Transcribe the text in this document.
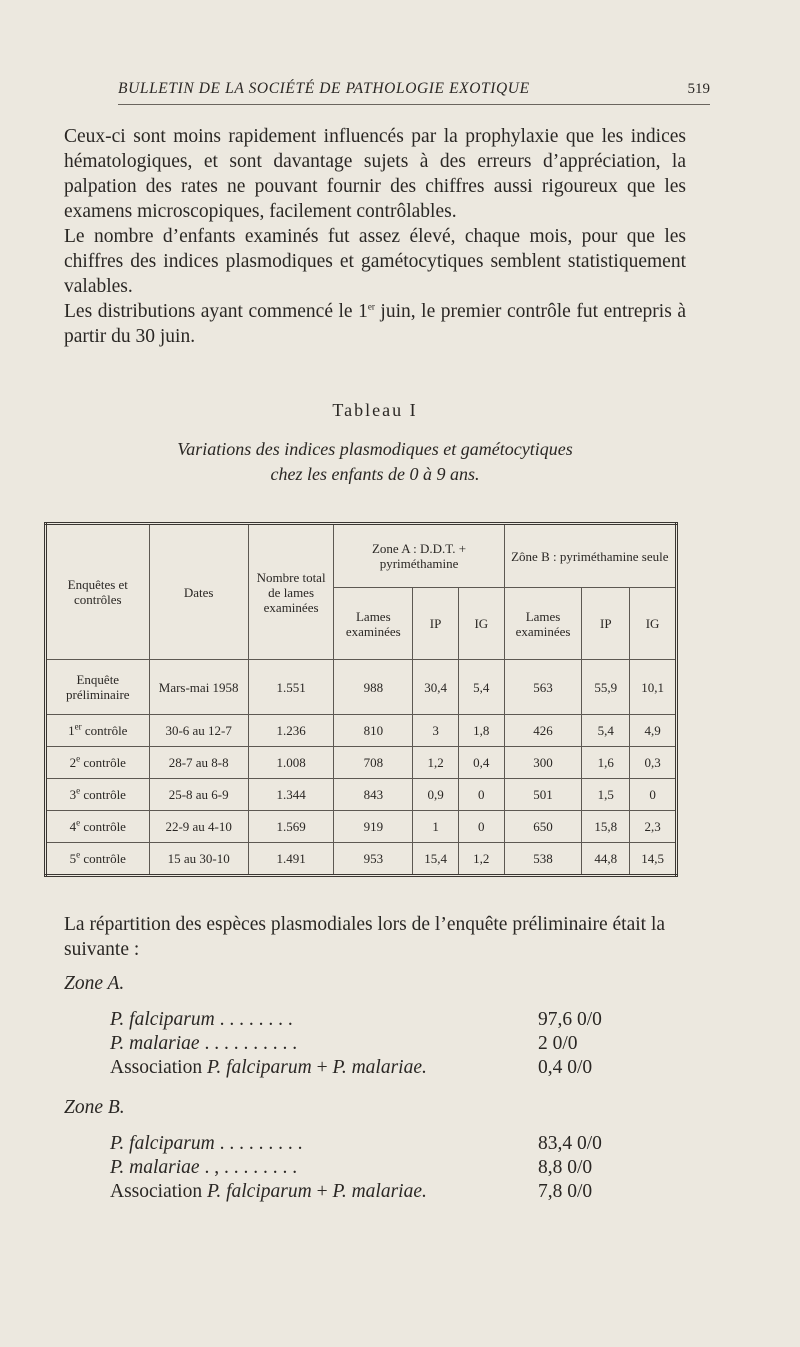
BULLETIN DE LA SOCIÉTÉ DE PATHOLOGIE EXOTIQUE	519

Ceux-ci sont moins rapidement influencés par la prophylaxie que les indices hématologiques, et sont davantage sujets à des erreurs d’appréciation, la palpation des rates ne pouvant fournir des chiffres aussi rigoureux que les examens microscopiques, facilement contrôlables.

Le nombre d’enfants examinés fut assez élevé, chaque mois, pour que les chiffres des indices plasmodiques et gamétocytiques semblent statistiquement valables.

Les distributions ayant commencé le 1er juin, le premier contrôle fut entrepris à partir du 30 juin.

Tableau I
Variations des indices plasmodiques et gamétocytiques
chez les enfants de 0 à 9 ans.
Enquêtes et contrôles	Dates	Nombre total de lames examinées	Zone A : D.D.T. + pyriméthamine			Zône B : pyriméthamine seule		
			Lames examinées	IP	IG	Lames examinées	IP	IG
Enquête préliminaire	Mars-mai 1958	1.551	988	30,4	5,4	563	55,9	10,1
1er contrôle	30-6 au 12-7	1.236	810	3	1,8	426	5,4	4,9
2e contrôle	28-7 au 8-8	1.008	708	1,2	0,4	300	1,6	0,3
3e contrôle	25-8 au 6-9	1.344	843	0,9	0	501	1,5	0
4e contrôle	22-9 au 4-10	1.569	919	1	0	650	15,8	2,3
5e contrôle	15 au 30-10	1.491	953	15,4	1,2	538	44,8	14,5
La répartition des espèces plasmodiales lors de l’enquête préliminaire était la suivante :
Zone A.
P. falciparum . . . . . . . .	97,6 0/0
P. malariae . . . . . . . . . .	2 0/0
Association P. falciparum + P. malariae.	0,4 0/0
Zone B.
P. falciparum . . . . . . . . .	83,4 0/0
P. malariae . , . . . . . . . .	8,8 0/0
Association P. falciparum + P. malariae.	7,8 0/0
